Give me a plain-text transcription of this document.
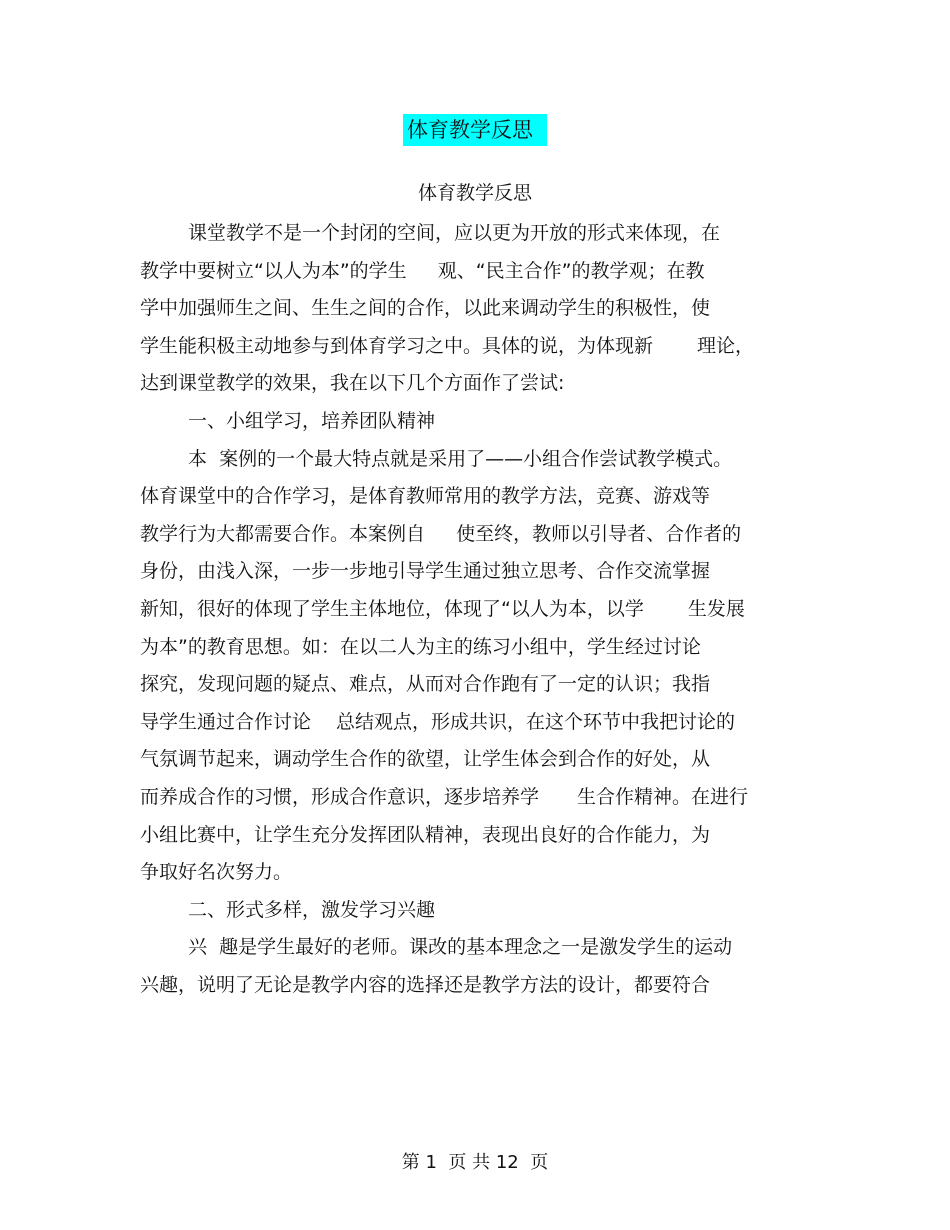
体育教学反思
体育教学反思
课堂教学不是一个封闭的空间，应以更为开放的形式来体现，在
教学中要树立“以人为本”的学生　  观、“民主合作”的教学观；在教
学中加强师生之间、生生之间的合作，以此来调动学生的积极性，使
学生能积极主动地参与到体育学习之中。具体的说，为体现新　　 理论，
达到课堂教学的效果，我在以下几个方面作了尝试:
一、小组学习，培养团队精神
本  案例的一个最大特点就是采用了——小组合作尝试教学模式。
体育课堂中的合作学习，是体育教师常用的教学方法，竞赛、游戏等
教学行为大都需要合作。本案例自　  使至终，教师以引导者、合作者的
身份，由浅入深，一步一步地引导学生通过独立思考、合作交流掌握
新知，很好的体现了学生主体地位，体现了“以人为本，以学　　 生发展
为本”的教育思想。如：在以二人为主的练习小组中，学生经过讨论
探究，发现问题的疑点、难点，从而对合作跑有了一定的认识；我指
导学生通过合作讨论　 总结观点，形成共识，在这个环节中我把讨论的
气氛调节起来，调动学生合作的欲望，让学生体会到合作的好处，从
而养成合作的习惯，形成合作意识，逐步培养学　　生合作精神。在进行
小组比赛中，让学生充分发挥团队精神，表现出良好的合作能力，为
争取好名次努力。
二、形式多样，激发学习兴趣
兴  趣是学生最好的老师。课改的基本理念之一是激发学生的运动
兴趣，说明了无论是教学内容的选择还是教学方法的设计，都要符合
第 1  页 共 12  页
